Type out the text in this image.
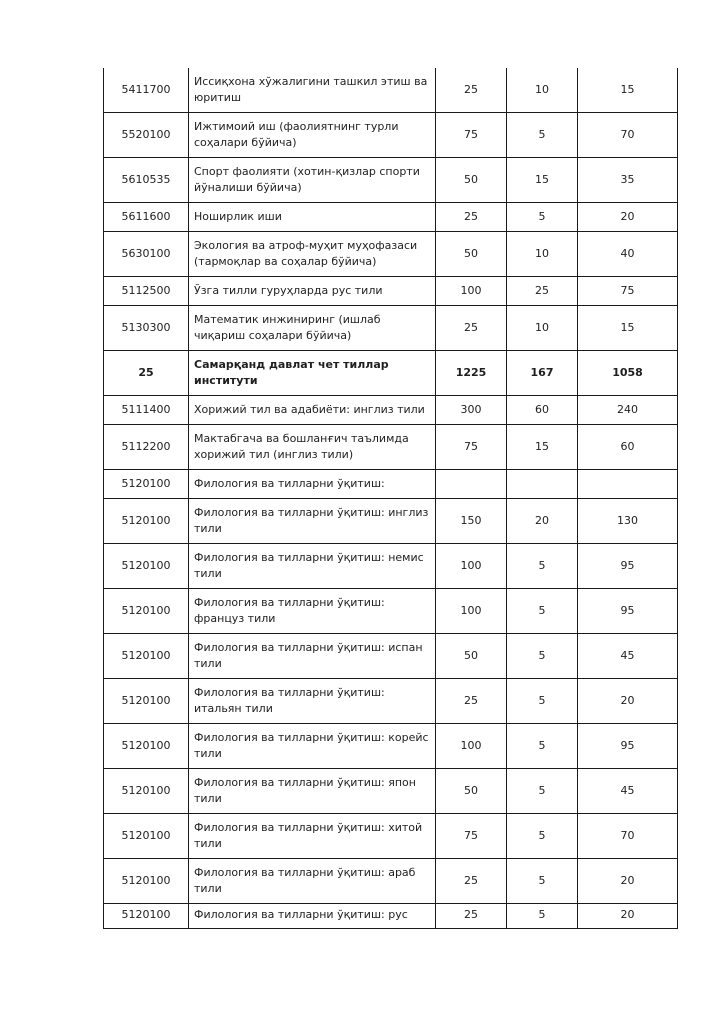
5411700	Иссиқхона хўжалигини ташкил этиш ва юритиш	25	10	15
5520100	Ижтимоий иш (фаолиятнинг турли соҳалари бўйича)	75	5	70
5610535	Спорт фаолияти (хотин-қизлар спорти йўналиши бўйича)	50	15	35
5611600	Ноширлик иши	25	5	20
5630100	Экология ва атроф-муҳит муҳофазаси (тармоқлар ва соҳалар бўйича)	50	10	40
5112500	Ўзга тилли гуруҳларда рус тили	100	25	75
5130300	Математик инжиниринг (ишлаб чиқариш соҳалари бўйича)	25	10	15
25	Самарқанд давлат чет тиллар институти	1225	167	1058
5111400	Хорижий тил ва адабиёти: инглиз тили	300	60	240
5112200	Мактабгача ва бошланғич таълимда хорижий тил (инглиз тили)	75	15	60
5120100	Филология ва тилларни ўқитиш:			
5120100	Филология ва тилларни ўқитиш: инглиз тили	150	20	130
5120100	Филология ва тилларни ўқитиш: немис тили	100	5	95
5120100	Филология ва тилларни ўқитиш: француз тили	100	5	95
5120100	Филология ва тилларни ўқитиш: испан тили	50	5	45
5120100	Филология ва тилларни ўқитиш: итальян тили	25	5	20
5120100	Филология ва тилларни ўқитиш: корейс тили	100	5	95
5120100	Филология ва тилларни ўқитиш: япон тили	50	5	45
5120100	Филология ва тилларни ўқитиш: хитой тили	75	5	70
5120100	Филология ва тилларни ўқитиш: араб тили	25	5	20
5120100	Филология ва тилларни ўқитиш: рус	25	5	20
